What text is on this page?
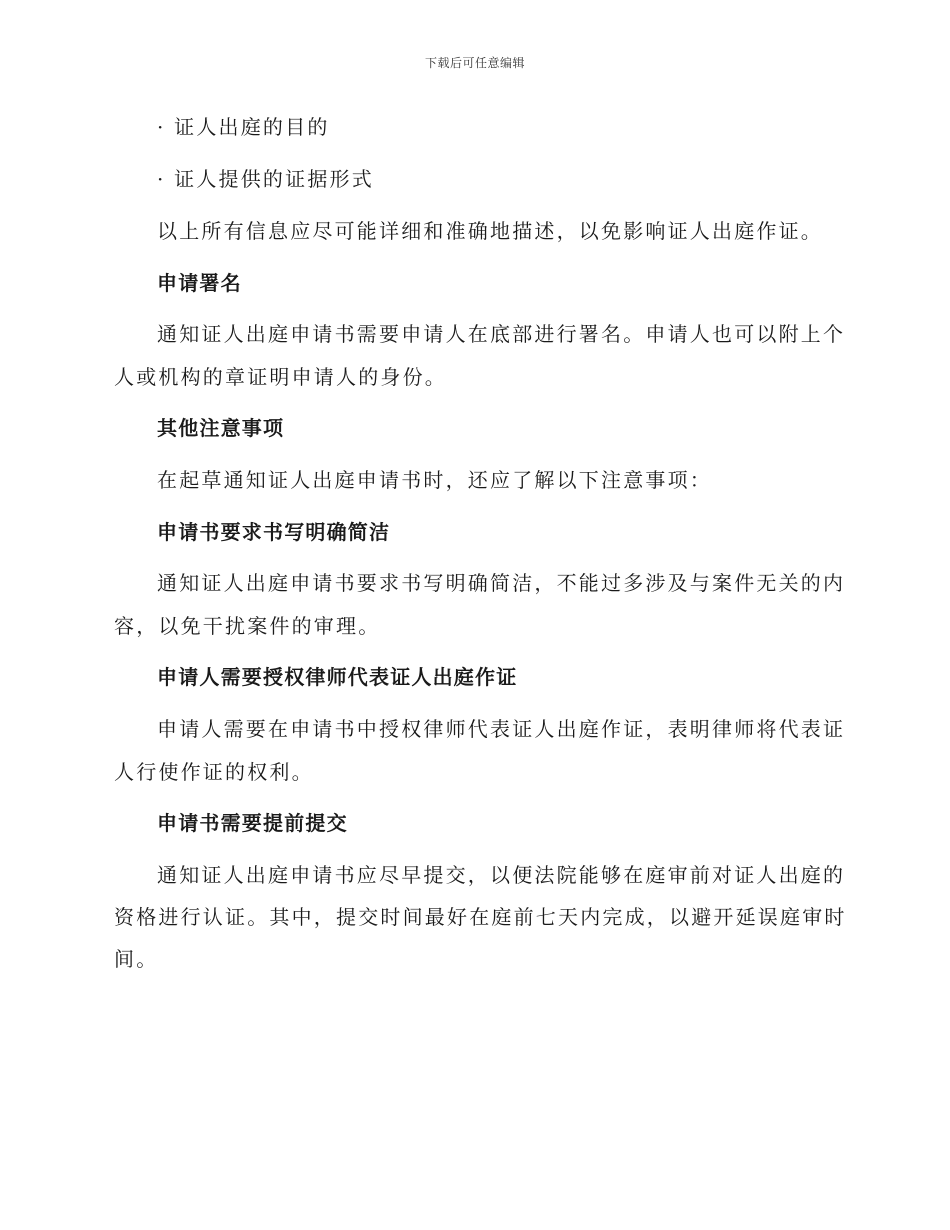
下载后可任意编辑
· 证人出庭的目的
· 证人提供的证据形式
以上所有信息应尽可能详细和准确地描述，以免影响证人出庭作证。
申请署名
通知证人出庭申请书需要申请人在底部进行署名。申请人也可以附上个
人或机构的章证明申请人的身份。
其他注意事项
在起草通知证人出庭申请书时，还应了解以下注意事项：
申请书要求书写明确简洁
通知证人出庭申请书要求书写明确简洁，不能过多涉及与案件无关的内
容，以免干扰案件的审理。
申请人需要授权律师代表证人出庭作证
申请人需要在申请书中授权律师代表证人出庭作证，表明律师将代表证
人行使作证的权利。
申请书需要提前提交
通知证人出庭申请书应尽早提交，以便法院能够在庭审前对证人出庭的
资格进行认证。其中，提交时间最好在庭前七天内完成，以避开延误庭审时
间。
